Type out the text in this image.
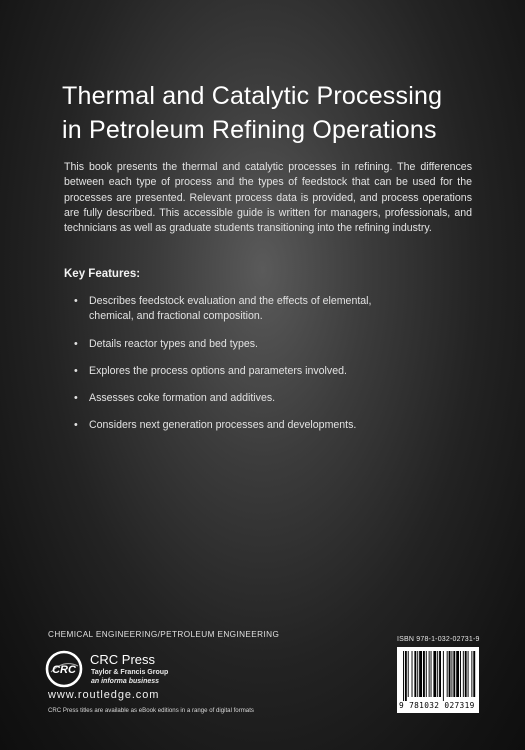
Thermal and Catalytic Processing
in Petroleum Refining Operations

This book presents the thermal and catalytic processes in refining. The differences between each type of process and the types of feedstock that can be used for the processes are presented. Relevant process data is provided, and process operations are fully described. This accessible guide is written for managers, professionals, and technicians as well as graduate students transitioning into the refining industry.

Key Features:
• Describes feedstock evaluation and the effects of elemental, chemical, and fractional composition.
• Details reactor types and bed types.
• Explores the process options and parameters involved.
• Assesses coke formation and additives.
• Considers next generation processes and developments.
CHEMICAL ENGINEERING/PETROLEUM ENGINEERING
CRC
CRC Press
Taylor & Francis Group
an informa business
www.routledge.com
CRC Press titles are available as eBook editions in a range of digital formats
ISBN 978-1-032-02731-9
9 781032 027319
